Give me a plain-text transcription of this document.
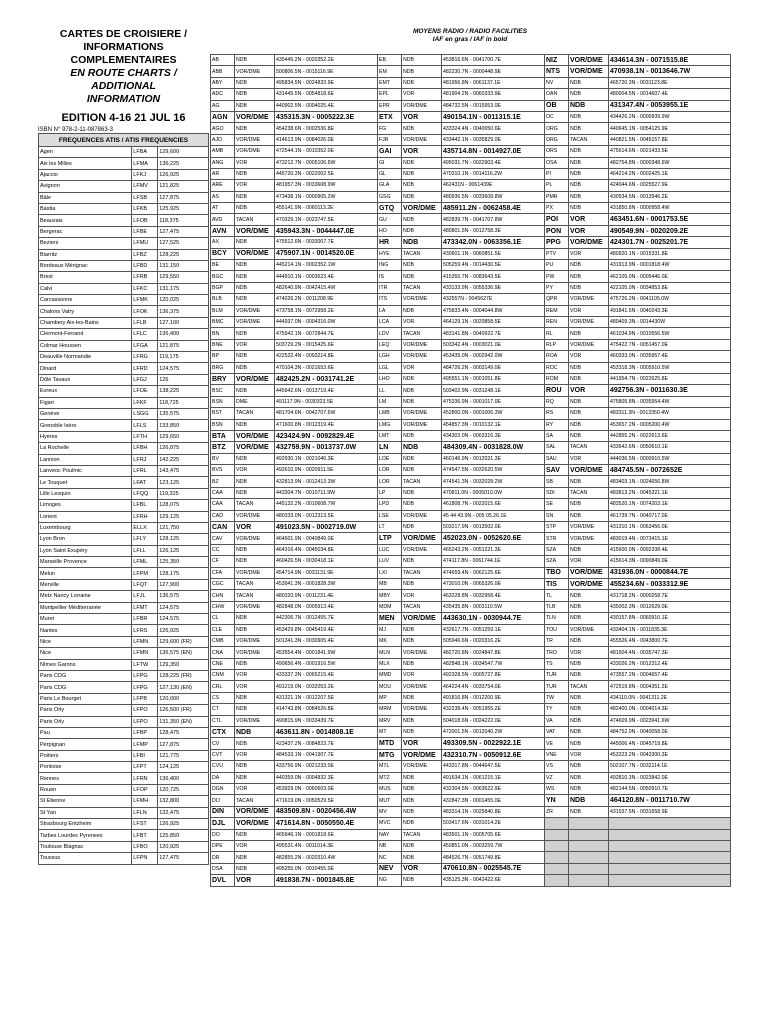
CARTES DE CROISIERE / INFORMATIONS
COMPLEMENTAIRES
EN ROUTE CHARTS / ADDITIONAL
INFORMATION
EDITION 4-16 21 JUL 16
ISBN N° 978-2-11-087863-3
FREQUENCES ATIS / ATIS FREQUENCIES		
Agen	LFBA	129,600
Aix les Milles	LFMA	136,225
Ajaccio	LFKJ	126,925
Avignon	LFMV	121,825
Bâle	LFSB	127,875
Bastia	LFKB	125,925
Beauvais	LFOB	118,375
Bergerac	LFBE	127,475
Beziers	LFMU	127,525
Biarritz	LFBZ	128,225
Bordeaux Mérignac	LFBD	131,150
Brest	LFRB	129,550
Calvi	LFKC	131,175
Carcassonne	LFMK	120,025
Chalons Vatry	LFOK	136,375
Chambery Aix-les-Bains	LFLB	127,100
Clermont-Ferrand	LFLC	136,400
Colmar Houssen	LFGA	121,875
Deauville Normandie	LFRG	119,175
Dinard	LFRD	124,575
Dôle Tavaux	LFGJ	126
Evreux	LFOE	138,225
Figari	LFKF	118,725
Genève	LSGG	135,575
Grenoble Isère	LFLS	133,850
Hyères	LFTH	129,650
La Rochelle	LFBH	126,875
Lannion	LFRJ	142,225
Lanveoc Poulmic	LFRL	143,475
Le Touquet	LFAT	123,125
Lille Lesquin	LFQQ	119,325
Limoges	LFBL	128,075
Lorient	LFRH	129,125
Luxembourg	ELLX	121,750
Lyon Bron	LFLY	128,125
Lyon Saint Exupéry	LFLL	126,125
Marseille Provence	LFML	125,350
Melun	LFPM	128,175
Merville	LFQT	127,900
Metz Nancy Lorraine	LFJL	136,575
Montpellier Méditerranée	LFMT	124,575
Muret	LFBR	124,575
Nantes	LFRS	126,925
Nice	LFMN	129,600 (FR)
Nice	LFMN	136,575 (EN)
Nîmes Garons	LFTW	129,350
Paris CDG	LFPG	128,225 (FR)
Paris CDG	LFPG	127,130 (EN)
Paris Le Bourget	LFPB	120,000
Paris Orly	LFPO	126,500 (FR)
Paris Orly	LFPO	131,350 (EN)
Pau	LFBP	128,475
Perpignan	LFMP	127,875
Poitiers	LFBI	121,775
Pontoise	LFPT	124,125
Rennes	LFRN	136,400
Rouen	LFOP	120,725
St Etienne	LFMH	132,800
St Yan	LFLN	132,475
Strasbourg Entzheim	LFST	126,925
Tarbes Lourdes Pyrenees	LFBT	125,850
Toulouse Blagnac	LFBO	120,925
Toussus	LFPN	127,475
MOYENS RADIO / RADIO FACILITIES
IAF en gras / IAF in bold
AB	NDB	435445.2N - 0020352.2E	EB	NDB	453816.6N - 0041700.7E	NIZ	VOR/DME	434614.3N - 0071515.8E
ABB	VOR/DME	500806.5N - 0015116.9E	EM	NDB	482230.7N - 0000448.9E	NTS	VOR/DME	470938.1N - 0013646.7W
ABY	NDB	495834.5N - 0024833.9E	EMT	NDB	481956.8N - 0061137.1E	NV	NDB	465720.3N - 0031123.8E
ADC	NDB	431445.5N - 0054818.6E	EPL	VOR	481904.2N - 0060333.9E	OAN	NDB	480004.5N - 0014607.4E
AG	NDB	440902.5N - 0004025.4E	EPR	VOR/DME	484732.5N - 0015953.0E	OB	NDB	431347.4N - 0053955.1E
AGN	VOR/DME	435315.3N - 0005222.3E	ETX	VOR	490154.1N - 0011315.1E	OC	NDB	434426.2N - 0000939.9W
AGO	NDB	454238.6N - 0002536.8E	FG	NDB	433324.4N - 0040050.6E	ORG	NDB	440645.1N - 0054125.9E
AJO	VOR/DME	414613.9N - 0084026.0E	FJR	VOR/DME	433442.1N - 0035829.0E	ORG	TACAN	440821.5N - 0045157.8E
AMB	VOR/DME	472544.1N - 0010352.0E	GAI	VOR	435714.8N - 0014927.0E	ORS	NDB	475614.6N - 0021433.5E
ANG	VOR	473212.7N - 0005106.6W	GI	NDB	495031.7N - 0022903.4E	OSA	NDB	482754.8N - 0000348.6W
AR	NDB	445720.3N - 0022002.5E	GL	NDB	470310.1N - 0014116.2W	PI	NDB	464214.2N - 0002425.1E
ARE	VOR	481957.3N - 0033608.9W	GLA	NDB	462431N - 0061439E	PL	NDB	424044.6N - 0025527.9E
AS	NDB	473438.1N - 0000905.2W	GSG	NDB	480936.5N - 0033608.8W	PMR	NDB	430534.5N - 0013546.2E
AT	NDB	455141.9N - 0060113.2E	GTQ	VOR/DME	485911.2N - 0062458.4E	PX	NDB	431850.8N - 0000958.4W
AVD	TACAN	470329.1N - 0023747.5E	GU	NDB	482839.7N - 0041707.8W	POI	VOR	463451.6N - 0001753.5E
AVN	VOR/DME	435943.3N - 0044447.0E	HO	NDB	480801.5N - 0012758.3E	PON	VOR	490549.9N - 0020209.2E
AX	NDB	475512.6N - 0033007.7E	HR	NDB	473342.0N - 0063356.1E	PPG	VOR/DME	424301.7N - 0025201.7E
BCY	VOR/DME	475907.1N - 0014520.0E	HYE	TACAN	430601.1N - 0060851.5E	PTV	VOR	480920.1N - 0015331.8E
BE	NDB	445214.1N - 0002352.1W	ING	NDB	505259.4N - 0014430.5E	PU	NDB	431913.9N - 0001818.4W
BGC	NDB	444910.1N - 0003623.4E	IS	NDB	415355.7N - 0083643.5E	PW	NDB	462105.0N - 0005446.0E
BGP	NDB	482640.9N - 0042415.4W	ITR	TACAN	433133.9N - 0055336.9E	PY	NDB	422105.0N - 0034853.8E
BLB	NDB	474026.2N - 0011208.9E	ITS	VOR/DME	432557N - 0045627E	QPR	VOR/DME	475726.2N - 0041105.0W
BLM	VOR/DME	473758.1N - 0072958.2E	LA	NDB	475833.4N - 0004044.8W	REM	VOR	491841.5N - 0040243.3E
BMC	VOR/DME	444937.0N - 0004316.0W	LCA	VOR	464129.1N - 0020858.5E	REN	VOR/DME	480409.3N - 0014430W
BN	NDB	475942.1N - 0072844.7E	LDV	TACAN	483141.8N - 0040922.7E	RL	NDB	461034.9N - 0010556.5W
BNE	VOR	503729.2N - 0015425.6E	LEQ	VOR/DME	503342.4N - 0003021.0E	RLP	VOR/DME	475422.7N - 0051457.0E
BP	NDB	422532.4N - 0093214.8E	LGH	VOR/DME	453439.0N - 0002942.0W	ROA	VOR	460333.0N - 0035957.4E
BRG	NDB	470104.3N - 0021653.6E	LGL	VOR	484726.2N - 0003149.0E	ROC	NDB	453318.3N - 0005910.5W
BRY	VOR/DME	482425.2N - 0031741.2E	LHO	NDB	495551.1N - 0001051.8E	ROM	NDB	441954.7N - 0022625.8E
BSC	NDB	445942.6N - 0013719.4E	LL	NDB	503402.9N - 0031248.1E	ROU	VOR	492756.3N - 0011630.3E
BSN	DME	491117.9N - 0030323.5E	LM	NDB	475336.9N - 0001017.0E	RQ	NDB	475805.8N - 0035954.4W
BST	TACAN	481704.6N - 0042707.6W	LMB	VOR/DME	452800.0N - 0001006.3W	RS	NDB	483311.3N - 0013350.4W
BSN	NDB	471600.8N - 0012319.4E	LMG	VOR/DME	454857.3N - 0010132.1E	RY	NDB	453657.2N - 0005200.4W
BTA	VOR/DME	423424.9N - 0092829.4E	LMT	NDB	434303.0N - 0063316.3E	SA	NDB	442855.2N - 0022613.6E
BTZ	VOR/DME	432759.9N - 0013737.0W	LN	NDB	484309.4N - 0031828.0W	SAL	TACAN	433642.6N - 0050610.1E
BV	NDB	492930.1N - 0021046.3E	LOE	NDB	460146.9N - 0012021.3E	SAU	VOR	444036.5N - 0000910.5W
BVS	VOR	492610.9N - 0020911.5E	LOR	NDB	474547.5N - 0032620.5W	SAV	VOR/DME	484745.5N - 0072652E
BZ	NDB	432813.9N - 0012413.3W	LOR	TACAN	474541.3N - 0032028.2W	SB	NDB	483403.1N - 0024656.8W
CAA	NDB	443304.7N - 0010711.9W	LP	NDB	470811.0N - 0005010.0W	SDI	TACAN	483813.2N - 0045321.1E
CAA	TACAN	445132.2N - 0010608.7W	LPD	NDB	461808.7N - 0022015.6E	SE	NDB	483520.1N - 0074203.1E
CAD	VOR/DME	480333.0N - 0012313.5E	LSE	VOR/DME	45 44 43.9N - 005 05.26.1E	SN	NDB	461739.7N - 0040717.0E
CAN	VOR	491023.5N - 0002719.0W	LT	NDB	503217.9N - 0013502.0E	STP	VOR/DME	431310.1N - 0063456.0E
CAV	VOR/DME	464601.9N - 0040849.0E	LTP	VOR/DME	452023.0N - 0052620.6E	STR	VOR/DME	483019.4N - 0073415.1E
CC	NDB	464316.4N - 0045034.8E	LUC	VOR/DME	465243.2N - 0051221.3E	SZA	NDB	415600.0N - 0092338.4E
CF	NDB	460426.5N - 0030418.1E	LUV	NDB	474117.8N - 0061744.1E	SZA	VOR	415614.3N - 0090849.0E
CFA	VOR/DME	454714.9N - 0031131.9E	LXI	TACAN	474659.4N - 0062125.6E	TBO	VOR/DME	431936.0N - 0000844.7E
CGC	TACAN	453941.3N - 0001828.3W	MB	NDB	473010.0N - 0065326.0E	TIS	VOR/DME	455234.6N - 0033312.9E
CHN	TACAN	480320.9N - 0011231.4E	MBY	VOR	463228.8N - 0032958.4E	TL	NDB	431718.2N - 0000258.7E
CHW	VOR/DME	482848.0N - 0005913.4E	MDM	TACAN	435435.8N - 0003110.5W	TLB	NDB	435002.3N - 0012629.0E
CL	NDB	442306.7N - 0012455.7E	MEN	VOR/DME	443630.1N - 0030944.7E	TLN	NDB	430157.8N - 0060910.1E
CLE	NDB	453429.8N - 0045419.4E	MJ	NDB	432617.7N - 0051259.1E	TOU	VOR/DME	433404.1N - 0011835.3E
CMB	VOR/DME	501341.3N - 0030905.4E	MK	NDB	505946.6N - 0020316.2E	TR	NDB	455526.4N - 0043800.7E
CNA	VOR/DME	453554.4N - 0001841.9W	MLN	VOR/DME	482720.8N - 0024847.8E	TRO	VOR	481504.4N - 0035747.3E
CNE	NDB	490656.4N - 0001916.5W	MLX	NDB	482848.1N - 0034547.7W	TS	NDB	433026.2N - 0012312.4E
CNM	VOR	433337.3N - 0065215.4E	MMD	VOR	492328.5N - 0005727.8E	TUR	NDB	473557.2N - 0004657.4E
CRL	VOR	491219.0N - 0032053.2E	MOU	VOR/DME	464224.4N - 0033754.0E	TUR	TACAN	472519.8N - 0004351.2E
CS	NDB	431321.1N - 0012207.5E	MP	NDB	491816.8N - 0012200.9E	TW	NDB	434110.0N - 0041311.2E
CT	NDB	414743.8N - 0084526.8E	MRM	VOR/DME	432238.4N - 0051955.2E	TY	NDB	482400.0N - 0004014.3E
CTL	VOR/DME	490815.9N - 0033439.7E	MRV	NDB	504018.6N - 0024222.0E	VA	NDB	474609.9N - 0023941.6W
CTX	NDB	463611.8N - 0014808.1E	MT	NDB	472001.5N - 0012040.2W	VAT	NDB	484752.0N - 0040058.0E
CV	NDB	423437.2N - 0084823.7E	MTD	VOR	493309.5N - 0022922.1E	VE	NDB	445006.4N - 0045719.8E
CVT	VOR	484533.1N - 0041907.7E	MTG	VOR/DME	432310.7N - 0050912.6E	VNE	VOR	453323.2N - 0043300.3E
CVU	NDB	433756.9N - 0021233.0E	MTL	VOR/DME	443317.8N - 0044647.5E	VS	NDB	502107.7N - 0032114.1E
DA	NDB	440359.0N - 0004832.3E	MTZ	NDB	491634.1N - 0061215.1E	VZ	NDB	492810.3N - 0023842.0E
DGN	VOR	453929.0N - 0060603.0E	MUS	NDB	432304.5N - 0063622.9E	WS	NDB	482144.5N - 0050910.7E
DIJ	TACAN	471619.0N - 0050529.5E	MUT	NDB	432847.3N - 0001455.0E	YN	NDB	464120.8N - 0011710.7W
DIN	VOR/DME	483509.8N - 0020456.4W	MV	NDB	483314.1N - 0025840.8E	ZR	NDB	431937.5N - 0031658.9E
DJL	VOR/DME	471614.8N - 0050550.4E	MVC	NDB	503417.6N - 0031014.2E			
DO	NDB	465946.1N - 0001818.6E	NAY	TACAN	483501.1N - 0005705.6E			
DPE	VOR	495531.4N - 0011014.3E	NB	NDB	450851.0N - 0003259.7W			
DR	NDB	482855.2N - 0020310.4W	NC	NDB	484526.7N - 0051749.8E			
DSA	NDB	495255.0N - 0010455.0E	NEV	VOR	470610.8N - 0025545.7E			
DVL	VOR	491838.7N - 0001845.8E	NG	NDB	435125.3N - 0042422.6E			
